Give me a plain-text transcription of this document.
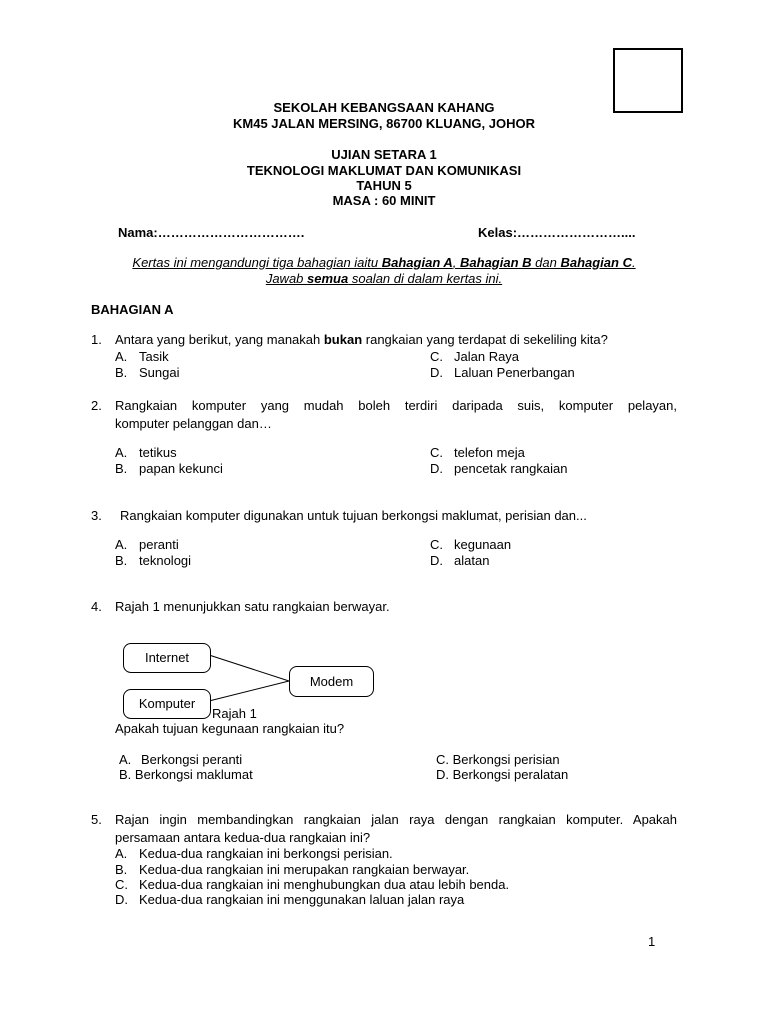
SEKOLAH KEBANGSAAN KAHANG
KM45 JALAN MERSING, 86700 KLUANG, JOHOR
UJIAN SETARA 1
TEKNOLOGI MAKLUMAT DAN KOMUNIKASI
TAHUN 5
MASA : 60 MINIT
Nama:…………………………….	Kelas:……………………....
Kertas ini mengandungi tiga bahagian iaitu Bahagian A, Bahagian B dan Bahagian C.
Jawab semua soalan di dalam kertas ini.
BAHAGIAN A
1. Antara yang berikut, yang manakah bukan rangkaian yang terdapat di sekeliling kita?
A. Tasik	C. Jalan Raya
B. Sungai	D. Laluan Penerbangan
2. Rangkaian komputer yang mudah boleh terdiri daripada suis, komputer pelayan,
komputer pelanggan dan…
A. tetikus	C. telefon meja
B. papan kekunci	D. pencetak rangkaian
3. Rangkaian komputer digunakan untuk tujuan berkongsi maklumat, perisian dan...
A. peranti	C. kegunaan
B. teknologi	D. alatan
4. Rajah 1 menunjukkan satu rangkaian berwayar.
Internet
Komputer
Modem
Rajah 1
Apakah tujuan kegunaan rangkaian itu?
A. Berkongsi peranti	C. Berkongsi perisian
B. Berkongsi maklumat	D. Berkongsi peralatan
5. Rajan ingin membandingkan rangkaian jalan raya dengan rangkaian komputer. Apakah
persamaan antara kedua-dua rangkaian ini?
A. Kedua-dua rangkaian ini berkongsi perisian.
B. Kedua-dua rangkaian ini merupakan rangkaian berwayar.
C. Kedua-dua rangkaian ini menghubungkan dua atau lebih benda.
D. Kedua-dua rangkaian ini menggunakan laluan jalan raya
1
